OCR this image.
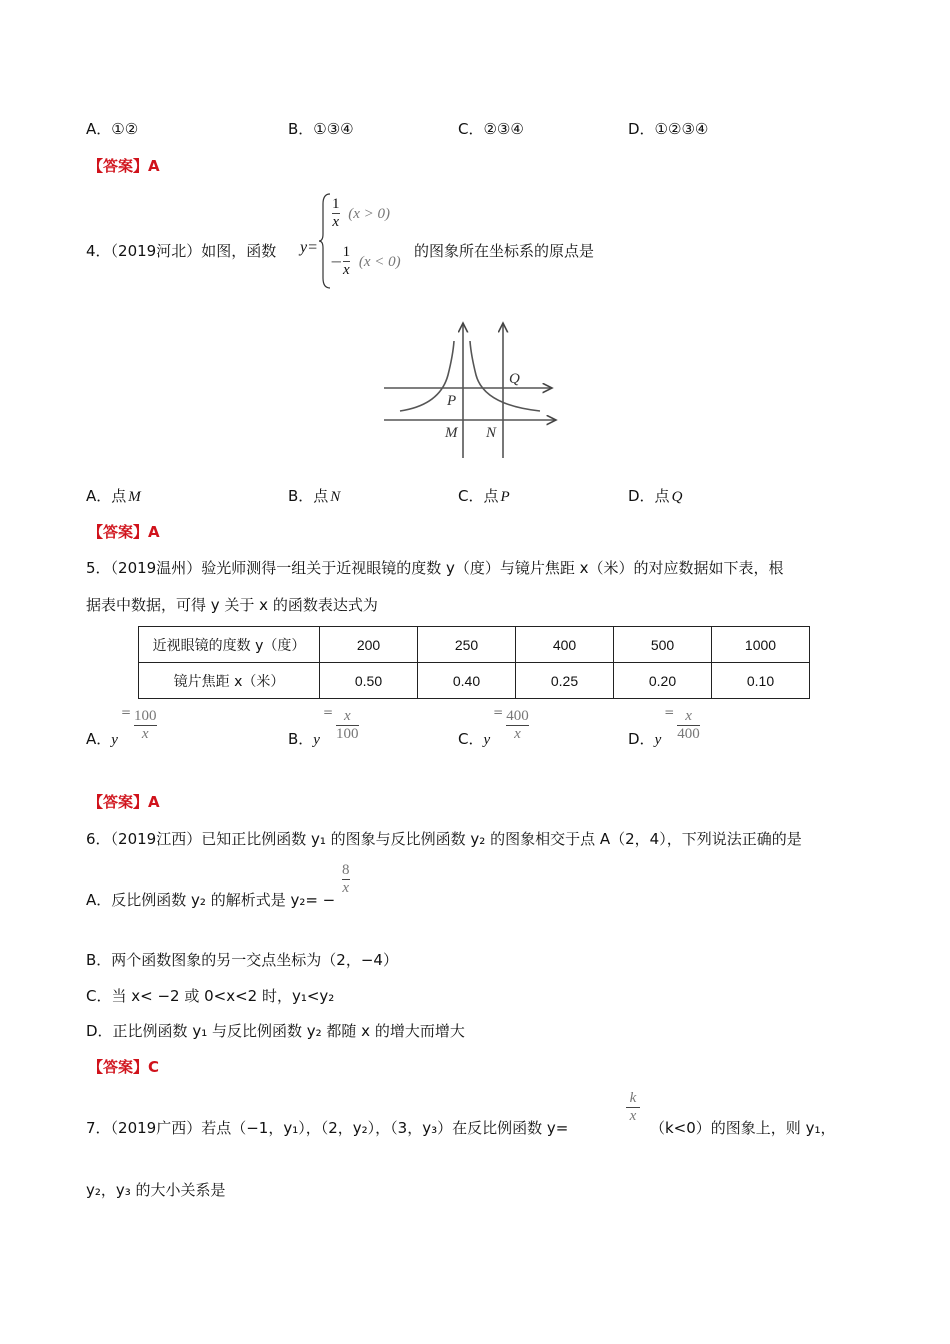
A．①②	B．①③④	C．②③④	D．①②③④
【答案】A
4．（2019河北）如图，函数 y=
$\frac{1}{x} (x > 0)$
− $\frac{1}{x} (x < 0)$
的图象所在坐标系的原点是
Q
P
M N
A．点 M	B．点 N	C．点 P	D．点 Q
【答案】A
5．（2019温州）验光师测得一组关于近视眼镜的度数 y（度）与镜片焦距 x（米）的对应数据如下表，根
据表中数据，可得 y 关于 x 的函数表达式为
近视眼镜的度数 y（度）	200	250	400	500	1000
镜片焦距 x（米）	0.50	0.40	0.25	0.20	0.10
A．$y^= \frac{100}{x}$	B．$y^= \frac{x}{100}$	C．$y^= \frac{400}{x}$	D．$y^= \frac{x}{400}$
【答案】A
6．（2019江西）已知正比例函数 y₁ 的图象与反比例函数 y₂ 的图象相交于点 A（2，4），下列说法正确的是
A．反比例函数 y₂ 的解析式是 y₂= −
$\frac{8}{x}$
B．两个函数图象的另一交点坐标为（2，−4）
C．当 x< −2 或 0<x<2 时，y₁<y₂
D．正比例函数 y₁ 与反比例函数 y₂ 都随 x 的增大而增大
【答案】C
7．（2019广西）若点（−1，y₁），（2，y₂），（3，y₃）在反比例函数 y=
$\frac{k}{x}$
（k<0）的图象上，则 y₁，
y₂，y₃ 的大小关系是
